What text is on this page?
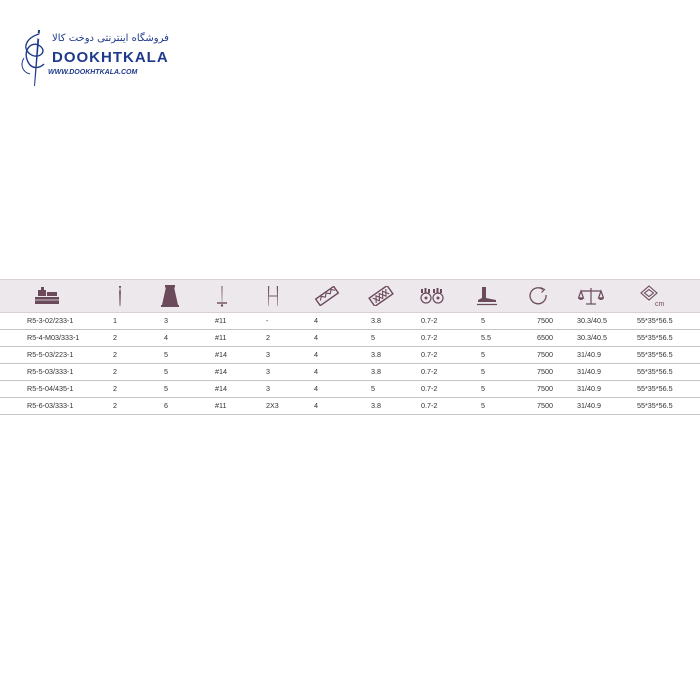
فروشگاه اینترنتی دوخت کالا
DOOKHTKALA
WWW.DOOKHTKALA.COM
cm
R5-3-02/233-1	1	3	#11	-	4	3.8	0.7-2	5	7500	30.3/40.5	55*35*56.5
R5-4-M03/333-1	2	4	#11	2	4	5	0.7-2	5.5	6500	30.3/40.5	55*35*56.5
R5-5-03/223-1	2	5	#14	3	4	3.8	0.7-2	5	7500	31/40.9	55*35*56.5
R5-5-03/333-1	2	5	#14	3	4	3.8	0.7-2	5	7500	31/40.9	55*35*56.5
R5-5-04/435-1	2	5	#14	3	4	5	0.7-2	5	7500	31/40.9	55*35*56.5
R5-6-03/333-1	2	6	#11	2X3	4	3.8	0.7-2	5	7500	31/40.9	55*35*56.5
